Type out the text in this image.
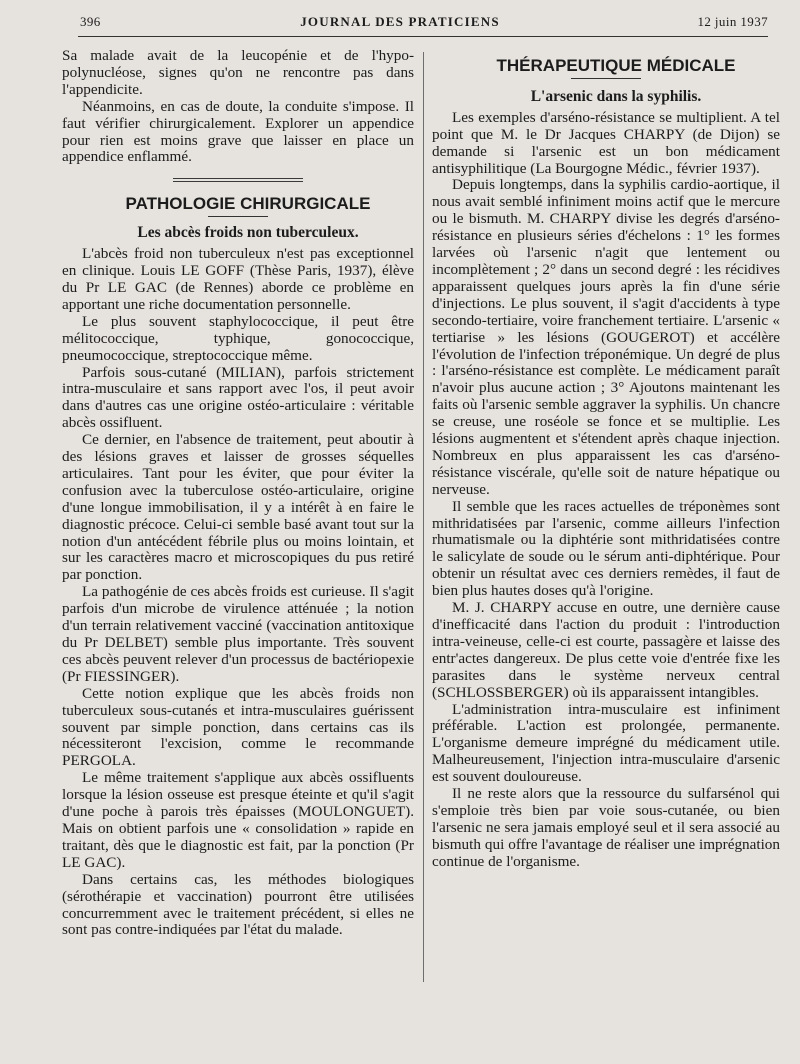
396	JOURNAL DES PRATICIENS	12 juin 1937

Sa malade avait de la leucopénie et de l'hypo-polynucléose, signes qu'on ne rencontre pas dans l'appendicite.

Néanmoins, en cas de doute, la conduite s'impose. Il faut vérifier chirurgicalement. Explorer un appendice pour rien est moins grave que laisser en place un appendice enflammé.

PATHOLOGIE CHIRURGICALE

Les abcès froids non tuberculeux.

L'abcès froid non tuberculeux n'est pas exceptionnel en clinique. Louis LE GOFF (Thèse Paris, 1937), élève du Pr LE GAC (de Rennes) aborde ce problème en apportant une riche documentation personnelle.

Le plus souvent staphylococcique, il peut être mélitococcique, typhique, gonococcique, pneumococcique, streptococcique même.

Parfois sous-cutané (MILIAN), parfois strictement intra-musculaire et sans rapport avec l'os, il peut avoir dans d'autres cas une origine ostéo-articulaire : véritable abcès ossifluent.

Ce dernier, en l'absence de traitement, peut aboutir à des lésions graves et laisser de grosses séquelles articulaires. Tant pour les éviter, que pour éviter la confusion avec la tuberculose ostéo-articulaire, origine d'une longue immobilisation, il y a intérêt à en faire le diagnostic précoce. Celui-ci semble basé avant tout sur la notion d'un antécédent fébrile plus ou moins lointain, et sur les caractères macro et microscopiques du pus retiré par ponction.

La pathogénie de ces abcès froids est curieuse. Il s'agit parfois d'un microbe de virulence atténuée ; la notion d'un terrain relativement vacciné (vaccination antitoxique du Pr DELBET) semble plus importante. Très souvent ces abcès peuvent relever d'un processus de bactériopexie (Pr FIESSINGER).

Cette notion explique que les abcès froids non tuberculeux sous-cutanés et intra-musculaires guérissent souvent par simple ponction, dans certains cas ils nécessiteront l'excision, comme le recommande PERGOLA.

Le même traitement s'applique aux abcès ossifluents lorsque la lésion osseuse est presque éteinte et qu'il s'agit d'une poche à parois très épaisses (MOULONGUET). Mais on obtient parfois une « consolidation » rapide en traitant, dès que le diagnostic est fait, par la ponction (Pr LE GAC).

Dans certains cas, les méthodes biologiques (sérothérapie et vaccination) pourront être utilisées concurremment avec le traitement précédent, si elles ne sont pas contre-indiquées par l'état du malade.

THÉRAPEUTIQUE MÉDICALE

L'arsenic dans la syphilis.

Les exemples d'arséno-résistance se multiplient. A tel point que M. le Dr Jacques CHARPY (de Dijon) se demande si l'arsenic est un bon médicament antisyphilitique (La Bourgogne Médic., février 1937).

Depuis longtemps, dans la syphilis cardio-aortique, il nous avait semblé infiniment moins actif que le mercure ou le bismuth. M. CHARPY divise les degrés d'arséno-résistance en plusieurs séries d'échelons : 1° les formes larvées où l'arsenic n'agit que lentement ou incomplètement ; 2° dans un second degré : les récidives apparaissent quelques jours après la fin d'une série d'injections. Le plus souvent, il s'agit d'accidents à type secondo-tertiaire, voire franchement tertiaire. L'arsenic « tertiarise » les lésions (GOUGEROT) et accélère l'évolution de l'infection tréponémique. Un degré de plus : l'arséno-résistance est complète. Le médicament paraît n'avoir plus aucune action ; 3° Ajoutons maintenant les faits où l'arsenic semble aggraver la syphilis. Un chancre se creuse, une roséole se fonce et se multiplie. Les lésions augmentent et s'étendent après chaque injection. Nombreux en plus apparaissent les cas d'arséno-résistance viscérale, qu'elle soit de nature hépatique ou nerveuse.

Il semble que les races actuelles de tréponèmes sont mithridatisées par l'arsenic, comme ailleurs l'infection rhumatismale ou la diphtérie sont mithridatisées contre le salicylate de soude ou le sérum anti-diphtérique. Pour obtenir un résultat avec ces derniers remèdes, il faut de bien plus hautes doses qu'à l'origine.

M. J. CHARPY accuse en outre, une dernière cause d'inefficacité dans l'action du produit : l'introduction intra-veineuse, celle-ci est courte, passagère et laisse des entr'actes dangereux. De plus cette voie d'entrée fixe les parasites dans le système nerveux central (SCHLOSSBERGER) où ils apparaissent intangibles.

L'administration intra-musculaire est infiniment préférable. L'action est prolongée, permanente. L'organisme demeure imprégné du médicament utile. Malheureusement, l'injection intra-musculaire d'arsenic est souvent douloureuse.

Il ne reste alors que la ressource du sulfarsénol qui s'emploie très bien par voie sous-cutanée, ou bien l'arsenic ne sera jamais employé seul et il sera associé au bismuth qui offre l'avantage de réaliser une imprégnation continue de l'organisme.
